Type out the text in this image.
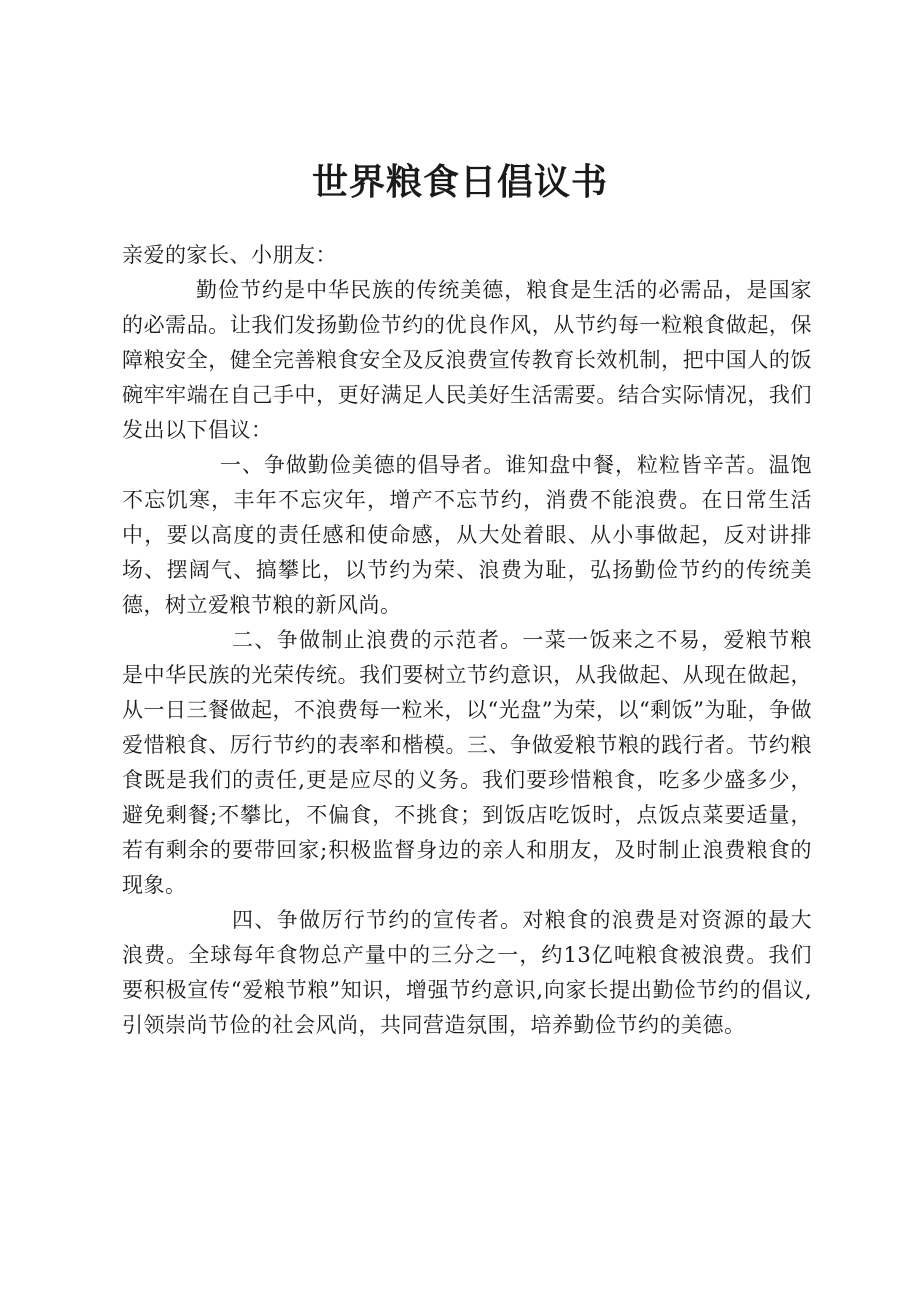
世界粮食日倡议书

亲爱的家长、小朋友：

勤俭节约是中华民族的传统美德，粮食是生活的必需品，是国家的必需品。让我们发扬勤俭节约的优良作风，从节约每一粒粮食做起，保障粮安全，健全完善粮食安全及反浪费宣传教育长效机制，把中国人的饭碗牢牢端在自己手中，更好满足人民美好生活需要。结合实际情况，我们发出以下倡议：

一、争做勤俭美德的倡导者。谁知盘中餐，粒粒皆辛苦。温饱不忘饥寒，丰年不忘灾年，增产不忘节约，消费不能浪费。在日常生活中，要以高度的责任感和使命感，从大处着眼、从小事做起，反对讲排场、摆阔气、搞攀比，以节约为荣、浪费为耻，弘扬勤俭节约的传统美德，树立爱粮节粮的新风尚。

二、争做制止浪费的示范者。一菜一饭来之不易，爱粮节粮是中华民族的光荣传统。我们要树立节约意识，从我做起、从现在做起，从一日三餐做起，不浪费每一粒米，以“光盘”为荣，以“剩饭”为耻，争做爱惜粮食、厉行节约的表率和楷模。三、争做爱粮节粮的践行者。节约粮食既是我们的责任,更是应尽的义务。我们要珍惜粮食，吃多少盛多少，避免剩餐;不攀比，不偏食，不挑食；到饭店吃饭时，点饭点菜要适量，若有剩余的要带回家;积极监督身边的亲人和朋友，及时制止浪费粮食的现象。

四、争做厉行节约的宣传者。对粮食的浪费是对资源的最大浪费。全球每年食物总产量中的三分之一，约13亿吨粮食被浪费。我们要积极宣传“爱粮节粮”知识，增强节约意识,向家长提出勤俭节约的倡议,引领崇尚节俭的社会风尚，共同营造氛围，培养勤俭节约的美德。
